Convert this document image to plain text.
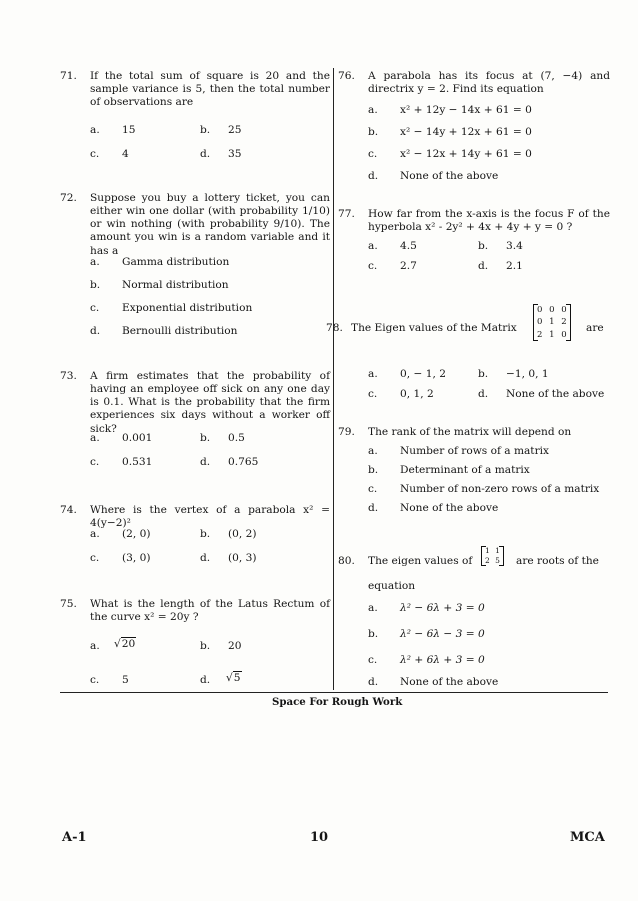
71. If the total sum of square is 20 and the sample variance is 5, then the total number of observations are
a. 15	b. 25
c. 4	d. 35
72. Suppose you buy a lottery ticket, you can either win one dollar (with probability 1/10) or win nothing (with probability 9/10). The amount you win is a random variable and it has a
a. Gamma distribution
b. Normal distribution
c. Exponential distribution
d. Bernoulli distribution
73. A firm estimates that the probability of having an employee off sick on any one day is 0.1. What is the probability that the firm experiences six days without a worker off sick?
a. 0.001	b. 0.5
c. 0.531	d. 0.765
74. Where is the vertex of a parabola x² = 4(y−2)²
a. (2, 0)	b. (0, 2)
c. (3, 0)	d. (0, 3)
75. What is the length of the Latus Rectum of the curve x² = 20y ?
a. √20	b. 20
c. 5	d. √5
76. A parabola has its focus at (7, −4) and directrix y = 2. Find its equation
a. x² + 12y − 14x + 61 = 0
b. x² − 14y + 12x + 61 = 0
c. x² − 12x + 14y + 61 = 0
d. None of the above
77. How far from the x-axis is the focus F of the hyperbola x² - 2y² + 4x + 4y + y = 0 ?
a. 4.5	b. 3.4
c. 2.7	d. 2.1
78. The Eigen values of the Matrix
0 0 0
0 1 2
2 1 0
are
a. 0, − 1, 2	b. −1, 0, 1
c. 0, 1, 2	d. None of the above
79. The rank of the matrix will depend on
a. Number of rows of a matrix
b. Determinant of a matrix
c. Number of non-zero rows of a matrix
d. None of the above
80. The eigen values of
1 1
2 5 are roots of the
equation
a. λ² − 6λ + 3 = 0
b. λ² − 6λ − 3 = 0
c. λ² + 6λ + 3 = 0
d. None of the above
Space For Rough Work
A-1	10	MCA
